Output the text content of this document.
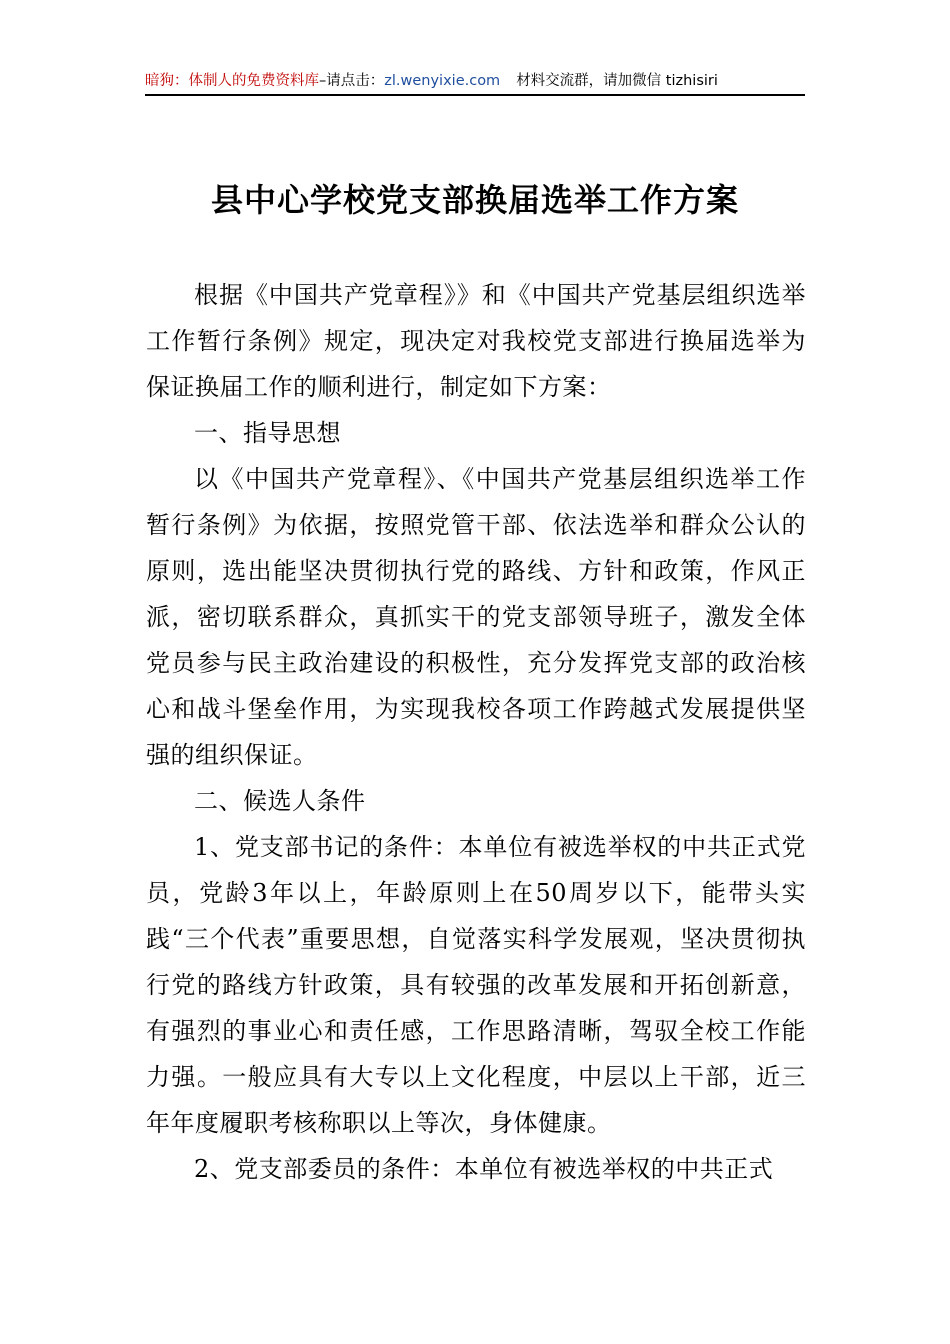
暗狗：体制人的免费资料库–请点击：zl.wenyixie.com 材料交流群，请加微信 tizhisiri
县中心学校党支部换届选举工作方案

根据《中国共产党章程》》和《中国共产党基层组织选举工作暂行条例》规定，现决定对我校党支部进行换届选举为保证换届工作的顺利进行，制定如下方案：

一、指导思想

以《中国共产党章程》、《中国共产党基层组织选举工作暂行条例》为依据，按照党管干部、依法选举和群众公认的原则，选出能坚决贯彻执行党的路线、方针和政策，作风正派，密切联系群众，真抓实干的党支部领导班子，激发全体党员参与民主政治建设的积极性，充分发挥党支部的政治核心和战斗堡垒作用，为实现我校各项工作跨越式发展提供坚强的组织保证。

二、候选人条件

1、党支部书记的条件：本单位有被选举权的中共正式党员，党龄3年以上，年龄原则上在50周岁以下，能带头实践“三个代表”重要思想，自觉落实科学发展观，坚决贯彻执行党的路线方针政策，具有较强的改革发展和开拓创新意，有强烈的事业心和责任感，工作思路清晰，驾驭全校工作能力强。一般应具有大专以上文化程度，中层以上干部，近三年年度履职考核称职以上等次，身体健康。

2、党支部委员的条件：本单位有被选举权的中共正式
